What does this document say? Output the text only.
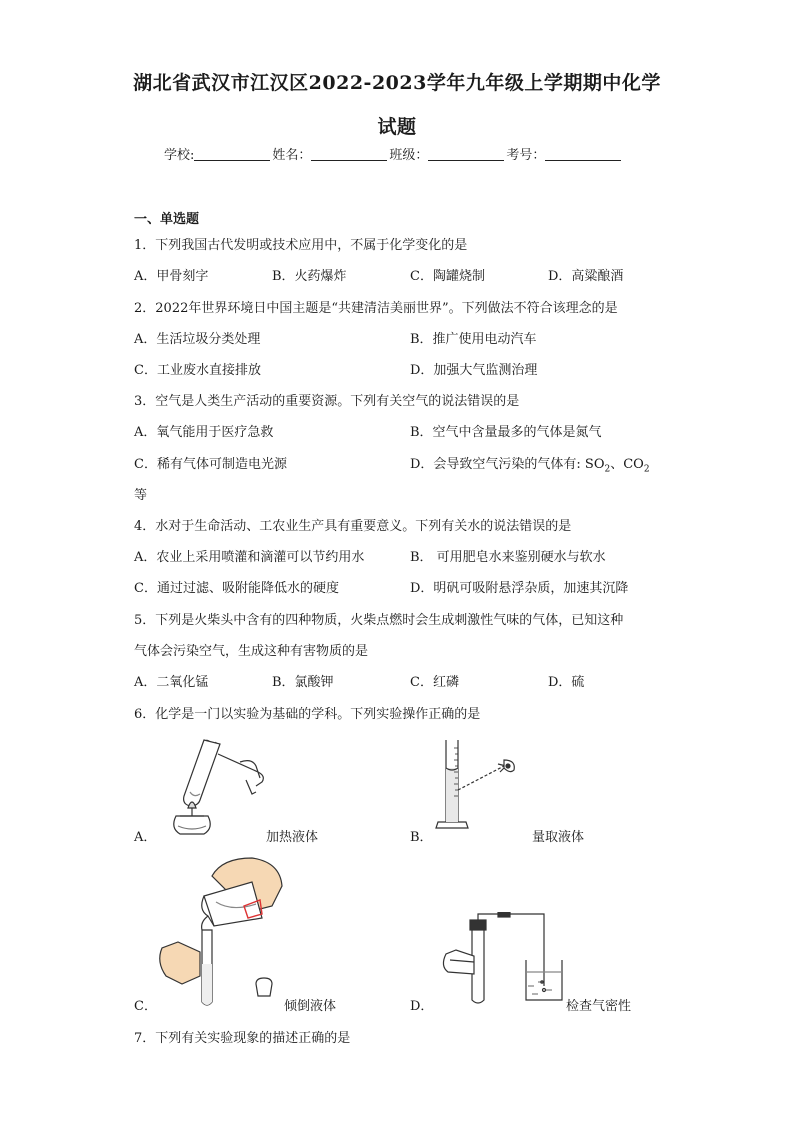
湖北省武汉市江汉区2022-2023学年九年级上学期期中化学
试题
学校:	姓名：	班级：	考号：
一、单选题
1．下列我国古代发明或技术应用中，不属于化学变化的是
A．甲骨刻字	B．火药爆炸	C．陶罐烧制	D．高粱酿酒
2．2022年世界环境日中国主题是“共建清洁美丽世界”。下列做法不符合该理念的是
A．生活垃圾分类处理	B．推广使用电动汽车
C．工业废水直接排放	D．加强大气监测治理
3．空气是人类生产活动的重要资源。下列有关空气的说法错误的是
A．氧气能用于医疗急救	B．空气中含量最多的气体是氮气
C．稀有气体可制造电光源	D．会导致空气污染的气体有: $SO_2$、$CO_2$
等
4．水对于生命活动、工农业生产具有重要意义。下列有关水的说法错误的是
A．农业上采用喷灌和滴灌可以节约用水	B． 可用肥皂水来鉴别硬水与软水
C．通过过滤、吸附能降低水的硬度	D．明矾可吸附悬浮杂质，加速其沉降
5．下列是火柴头中含有的四种物质，火柴点燃时会生成刺激性气味的气体，已知这种
气体会污染空气，生成这种有害物质的是
A．二氧化锰	B．氯酸钾	C．红磷	D．硫
6．化学是一门以实验为基础的学科。下列实验操作正确的是
A．	加热液体	B．	量取液体
C．	倾倒液体	D．	检查气密性
7．下列有关实验现象的描述正确的是
